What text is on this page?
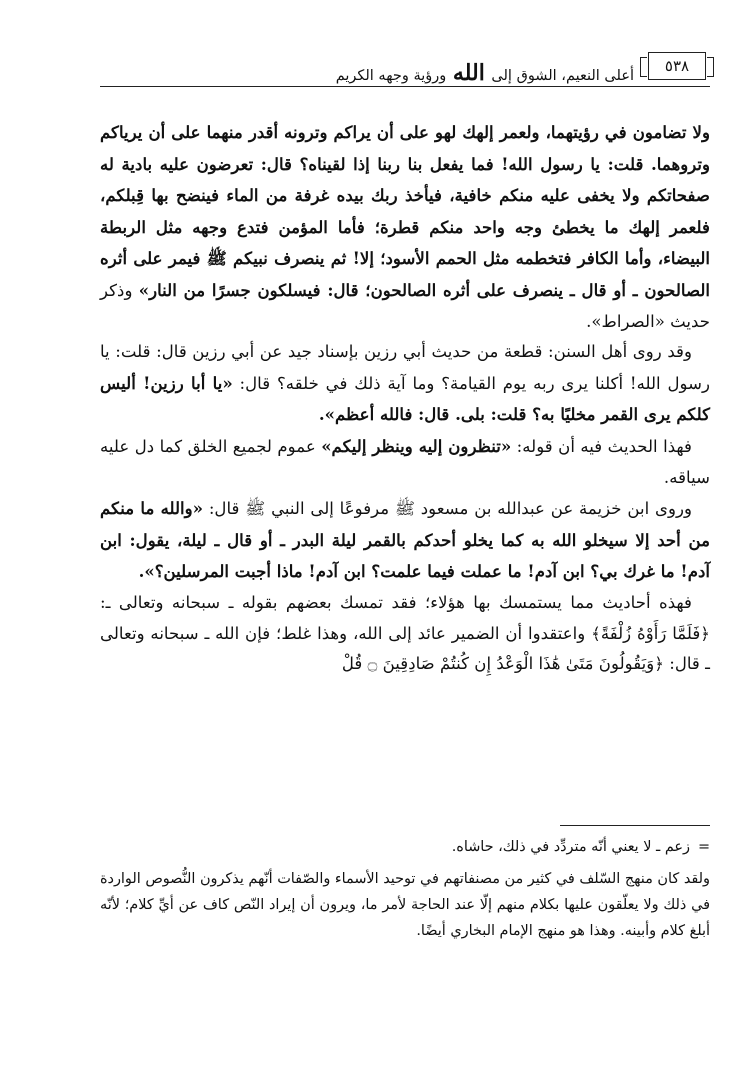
٥٣٨
أعلى النعيم، الشوق إلى الله ورؤية وجهه الكريم

ولا تضامون في رؤيتهما، ولعمر إلهك لهو على أن يراكم وترونه أقدر منهما على أن يرياكم وتروهما. قلت: يا رسول الله! فما يفعل بنا ربنا إذا لقيناه؟ قال: تعرضون عليه بادية له صفحاتكم ولا يخفى عليه منكم خافية، فيأخذ ربك بيده غرفة من الماء فينضح بها قِبلكم، فلعمر إلهك ما يخطئ وجه واحد منكم قطرة؛ فأما المؤمن فتدع وجهه مثل الربطة البيضاء، وأما الكافر فتخطمه مثل الحمم الأسود؛ إلا! ثم ينصرف نبيكم ﷺ فيمر على أثره الصالحون ـ أو قال ـ ينصرف على أثره الصالحون؛ قال: فيسلكون جسرًا من النار» وذكر حديث «الصراط».

وقد روى أهل السنن: قطعة من حديث أبي رزين بإسناد جيد عن أبي رزين قال: قلت: يا رسول الله! أكلنا يرى ربه يوم القيامة؟ وما آية ذلك في خلقه؟ قال: «يا أبا رزين! أليس كلكم يرى القمر مخليًا به؟ قلت: بلى. قال: فالله أعظم».

فهذا الحديث فيه أن قوله: «تنظرون إليه وينظر إليكم» عموم لجميع الخلق كما دل عليه سياقه.

وروى ابن خزيمة عن عبدالله بن مسعود ﷺ مرفوعًا إلى النبي ﷺ قال: «والله ما منكم من أحد إلا سيخلو الله به كما يخلو أحدكم بالقمر ليلة البدر ـ أو قال ـ ليلة، يقول: ابن آدم! ما غرك بي؟ ابن آدم! ما عملت فيما علمت؟ ابن آدم! ماذا أجبت المرسلين؟».

فهذه أحاديث مما يستمسك بها هؤلاء؛ فقد تمسك بعضهم بقوله ـ سبحانه وتعالى ـ: ﴿فَلَمَّا رَأَوْهُ زُلْفَةً﴾ واعتقدوا أن الضمير عائد إلى الله، وهذا غلط؛ فإن الله ـ سبحانه وتعالى ـ قال: ﴿وَيَقُولُونَ مَتَىٰ هَٰذَا الْوَعْدُ إِن كُنتُمْ صَادِقِينَ ۝ قُلْ

= زعم ـ لا يعني أنّه متردِّد في ذلك، حاشاه.

ولقد كان منهج السّلف في كثير من مصنفاتهم في توحيد الأسماء والصّفات أنّهم يذكرون النُّصوص الواردة في ذلك ولا يعلّقون عليها بكلام منهم إلّا عند الحاجة لأمر ما، ويرون أن إيراد النّص كاف عن أيِّ كلام؛ لأنّه أبلغ كلام وأبينه. وهذا هو منهج الإمام البخاري أيضًا.
